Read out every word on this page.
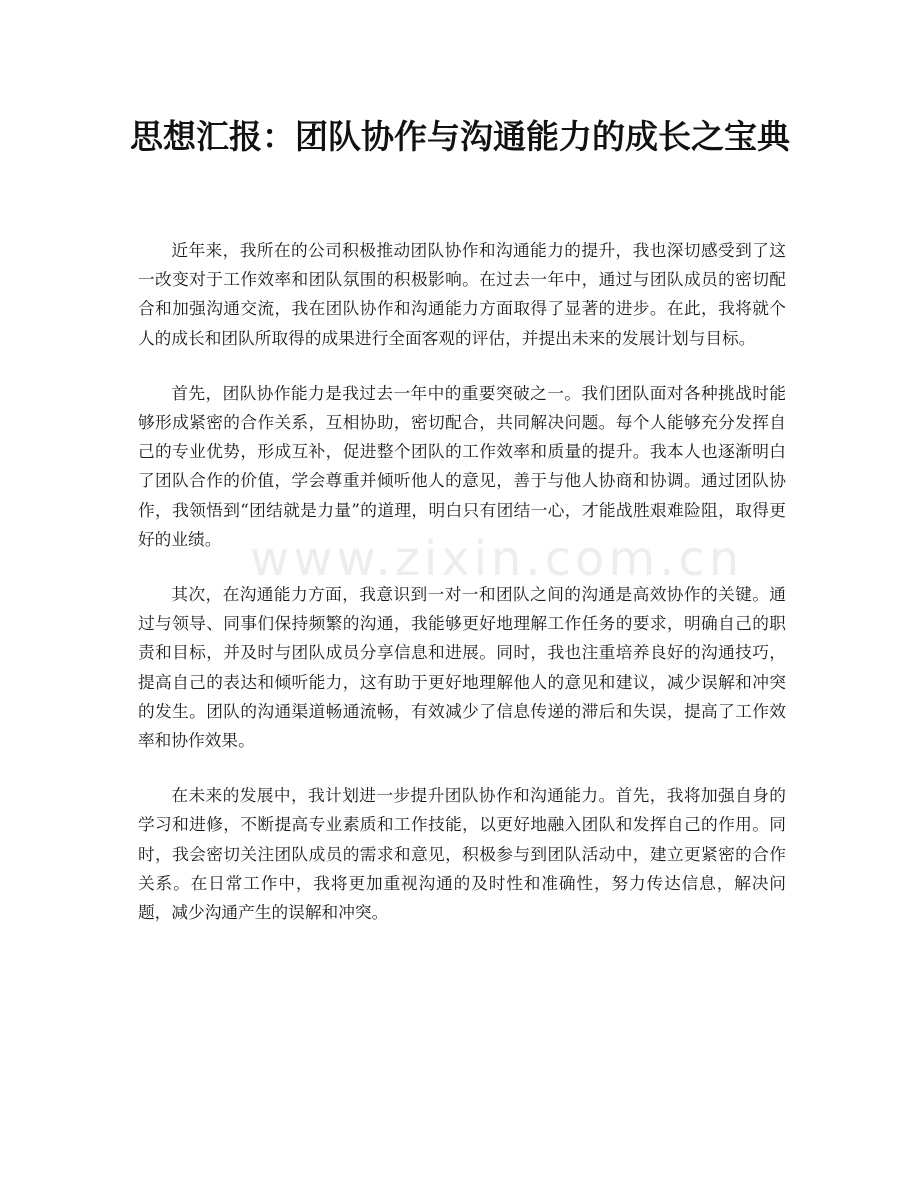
思想汇报：团队协作与沟通能力的成长之宝典

近年来，我所在的公司积极推动团队协作和沟通能力的提升，我也深切感受到了这一改变对于工作效率和团队氛围的积极影响。在过去一年中，通过与团队成员的密切配合和加强沟通交流，我在团队协作和沟通能力方面取得了显著的进步。在此，我将就个人的成长和团队所取得的成果进行全面客观的评估，并提出未来的发展计划与目标。

首先，团队协作能力是我过去一年中的重要突破之一。我们团队面对各种挑战时能够形成紧密的合作关系，互相协助，密切配合，共同解决问题。每个人能够充分发挥自己的专业优势，形成互补，促进整个团队的工作效率和质量的提升。我本人也逐渐明白了团队合作的价值，学会尊重并倾听他人的意见，善于与他人协商和协调。通过团队协作，我领悟到“团结就是力量”的道理，明白只有团结一心，才能战胜艰难险阻，取得更好的业绩。

其次，在沟通能力方面，我意识到一对一和团队之间的沟通是高效协作的关键。通过与领导、同事们保持频繁的沟通，我能够更好地理解工作任务的要求，明确自己的职责和目标，并及时与团队成员分享信息和进展。同时，我也注重培养良好的沟通技巧，提高自己的表达和倾听能力，这有助于更好地理解他人的意见和建议，减少误解和冲突的发生。团队的沟通渠道畅通流畅，有效减少了信息传递的滞后和失误，提高了工作效率和协作效果。

在未来的发展中，我计划进一步提升团队协作和沟通能力。首先，我将加强自身的学习和进修，不断提高专业素质和工作技能，以更好地融入团队和发挥自己的作用。同时，我会密切关注团队成员的需求和意见，积极参与到团队活动中，建立更紧密的合作关系。在日常工作中，我将更加重视沟通的及时性和准确性，努力传达信息，解决问题，减少沟通产生的误解和冲突。

www.zixin.com.cn
